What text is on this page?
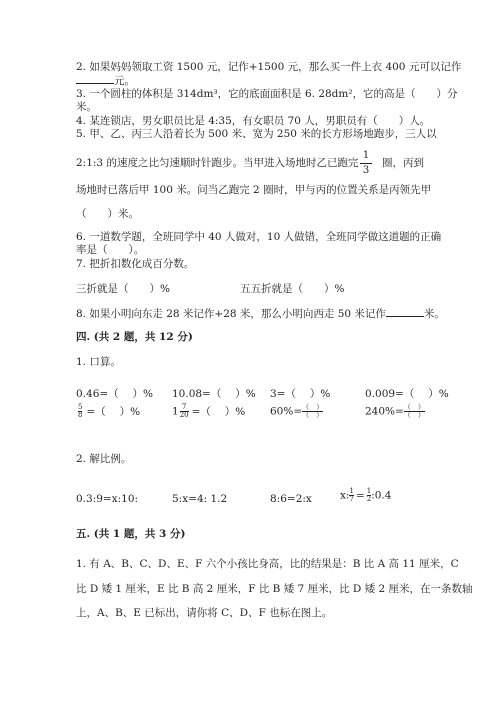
2. 如果妈妈领取工资 1500 元，记作+1500 元，那么买一件上衣 400 元可以记作
元。
3. 一个圆柱的体积是 314dm³，它的底面面积是 6. 28dm²，它的高是（　　）分
米。
4. 某连锁店，男女职员比是 4:35，有女职员 70 人，男职员有（　　）人。
5. 甲、乙、丙三人沿着长为 500 米、宽为 250 米的长方形场地跑步，三人以
2:1:3 的速度之比匀速顺时针跑步。当甲进入场地时乙已跑完
1
3
圈，丙到
场地时已落后甲 100 米。问当乙跑完 2 圈时，甲与丙的位置关系是丙领先甲
（　　）米。
6. 一道数学题，全班同学中 40 人做对，10 人做错，全班同学做这道题的正确
率是（　　）。
7. 把折扣数化成百分数。
三折就是（　　）%	五五折就是（　　）%
8. 如果小明向东走 28 米记作+28 米，那么小明向西走 50 米记作	米。
四. (共 2 题，共 12 分)
1. 口算。
0.46=（　 ）% 10.08=（　 ）% 3=（　 ）%	0.009=（　 ）%
$\frac{5}{8}$ =（　 ）%	$1\frac{7}{20}$ =（　 ）% $60\%=\frac{( )}{( )}$	$240\%=\frac{( )}{( )}$
2. 解比例。
0.3:9=x:10:	5:x=4: 1.2	8:6=2:x	$x:\frac{1}{7}$ = $\frac{1}{2}:0.4$
五. (共 1 题，共 3 分)
1. 有 A、B、C、D、E、F 六个小孩比身高，比的结果是：B 比 A 高 11 厘米，C
比 D 矮 1 厘米，E 比 B 高 2 厘米，F 比 B 矮 7 厘米，比 D 矮 2 厘米，在一条数轴
上，A、B、E 已标出，请你将 C、D、F 也标在图上。
